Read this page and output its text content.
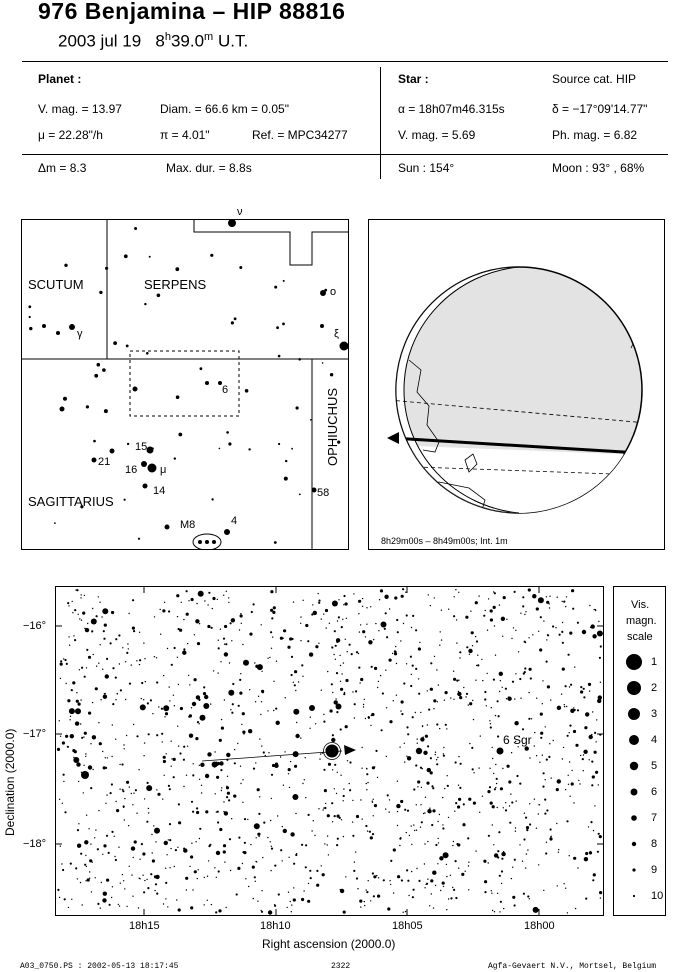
976 Benjamina – HIP 88816
2003 jul 19 8$^h$39.0$^m$ U.T.
Planet :
V. mag. = 13.97	Diam. = 66.6 km = 0.05"
μ = 22.28"/h	π = 4.01"	Ref. = MPC34277
Star :	Source cat. HIP
α = 18h07m46.315s	δ = −17°09'14.77"
V. mag. = 5.69	Ph. mag. = 6.82
Δm = 8.3	Max. dur. = 8.8s	Sun : 154°	Moon : 93° , 68%
SCUTUM	SERPENS
SAGITTARIUS
OPHIUCHUS
ν
ο
ξ
γ
6
15
21
16 μ
14	58
M8	4
8h29m00s – 8h49m00s; Int. 1m
6 Sgr
18h15	18h10	18h05	18h00
−16°
−17°
−18°
Right ascension (2000.0)
Declination (2000.0)
Vis.
magn.
scale
1
2
3
4
5
6
7
8
9
10
A03_0750.PS : 2002-05-13 18:17:45	2322	Agfa-Gevaert N.V., Mortsel, Belgium
